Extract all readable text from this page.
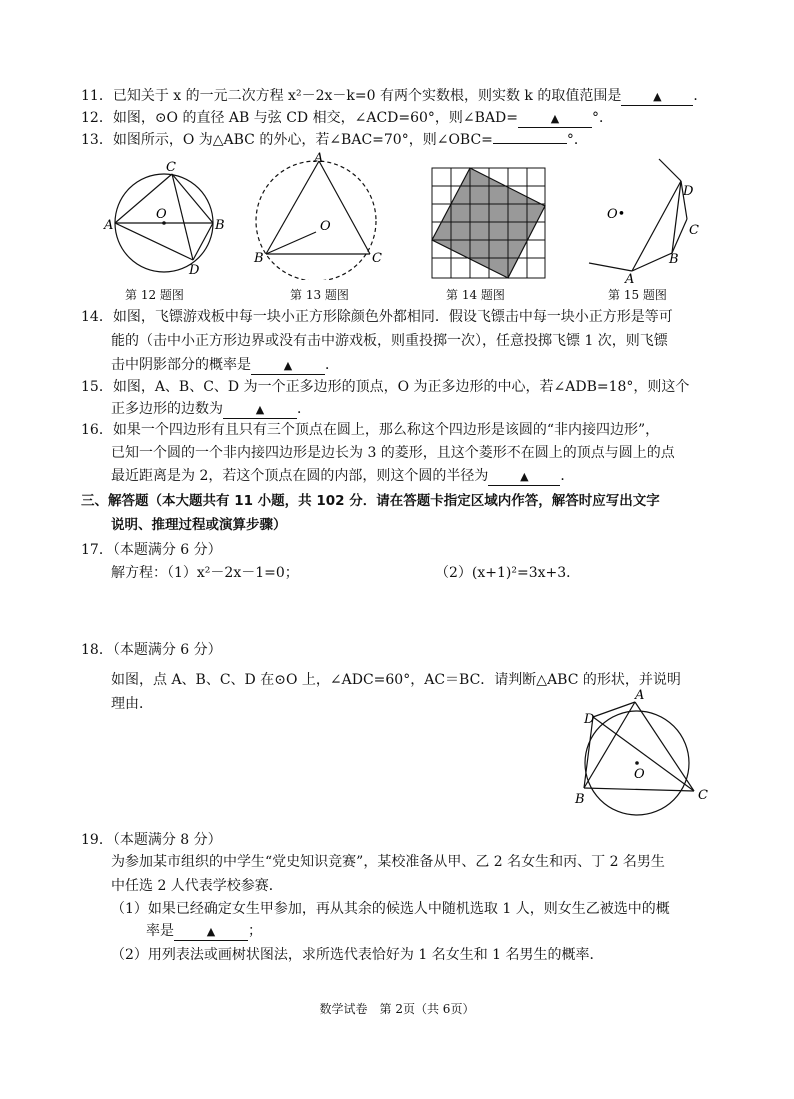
11．已知关于 x 的一元二次方程 x²－2x－k=0 有两个实数根，则实数 k 的取值范围是	▲ ．
12．如图，⊙O 的直径 AB 与弦 CD 相交，∠ACD=60°，则∠BAD=	▲ °．
13．如图所示，O 为△ABC 的外心，若∠BAC=70°，则∠OBC=	°．
C
O
B
A
D
第 12 题图
A
O
B	C
第 13 题图	第 14 题图
D
O•
C
B
A
第 15 题图
14．如图，飞镖游戏板中每一块小正方形除颜色外都相同．假设飞镖击中每一块小正方形是等可
能的（击中小正方形边界或没有击中游戏板，则重投掷一次），任意投掷飞镖 1 次，则飞镖
击中阴影部分的概率是	▲ ．
15．如图，A、B、C、D 为一个正多边形的顶点，O 为正多边形的中心，若∠ADB=18°，则这个
正多边形的边数为	▲ ．
16．如果一个四边形有且只有三个顶点在圆上，那么称这个四边形是该圆的“非内接四边形”，
已知一个圆的一个非内接四边形是边长为 3 的菱形，且这个菱形不在圆上的顶点与圆上的点
最近距离是为 2，若这个顶点在圆的内部，则这个圆的半径为	▲ ．
三、解答题（本大题共有 11 小题，共 102 分．请在答题卡指定区域内作答，解答时应写出文字
说明、推理过程或演算步骤）
17．（本题满分 6 分）
解方程：（1）x²－2x－1=0；	（2）(x+1)²=3x+3．
18．（本题满分 6 分）
如图，点 A、B、C、D 在⊙O 上，∠ADC=60°，AC＝BC．请判断△ABC 的形状，并说明
理由．
A
D
O
B	C
19．（本题满分 8 分）
为参加某市组织的中学生“党史知识竞赛”，某校准备从甲、乙 2 名女生和丙、丁 2 名男生
中任选 2 人代表学校参赛．
（1）如果已经确定女生甲参加，再从其余的候选人中随机选取 1 人，则女生乙被选中的概
率是	▲ ；
（2）用列表法或画树状图法，求所选代表恰好为 1 名女生和 1 名男生的概率．
数学试卷　第 2页（共 6页）
